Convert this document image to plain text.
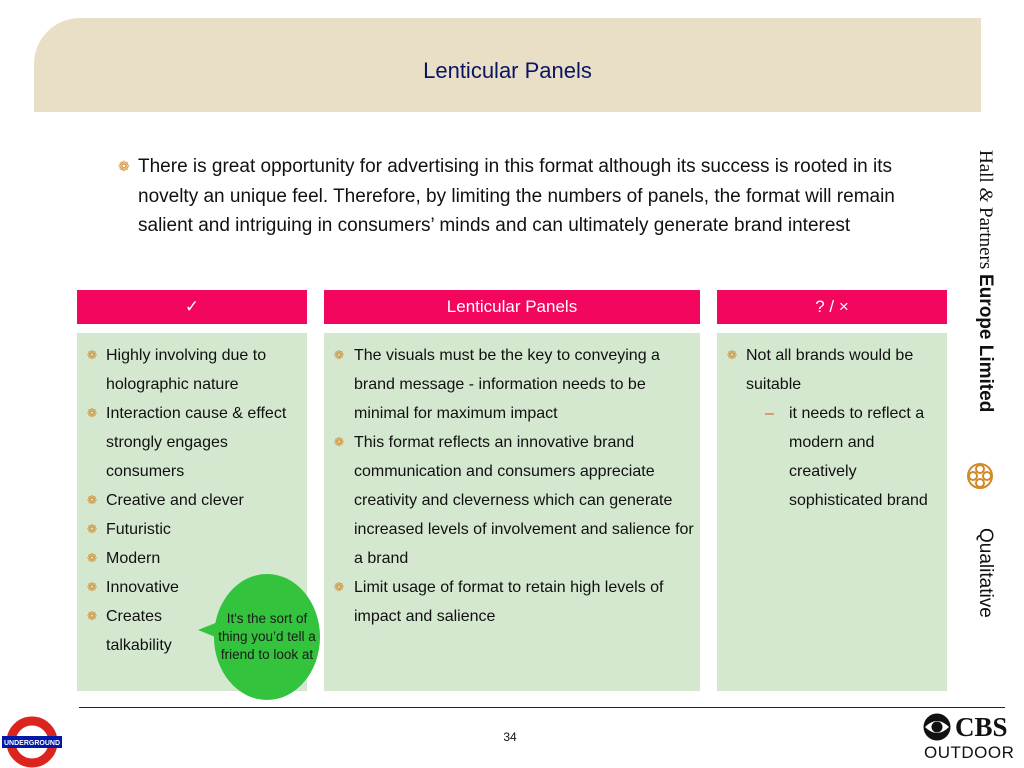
Lenticular Panels
❁ There is great opportunity for advertising in this format although its success is rooted in its novelty an unique feel. Therefore, by limiting the numbers of panels, the format will remain salient and intriguing in consumers’ minds and can ultimately generate brand interest
✓	Lenticular Panels	? / ×
❁ Highly involving due to holographic nature
❁ Interaction cause & effect strongly engages consumers
❁ Creative and clever
❁ Futuristic
❁ Modern
❁ Innovative
❁ Creates talkability
❁ The visuals must be the key to conveying a brand message - information needs to be minimal for maximum impact
❁ This format reflects an innovative brand communication and consumers appreciate creativity and cleverness which can generate increased levels of involvement and salience for a brand
❁ Limit usage of format to retain high levels of impact and salience
❁ Not all brands would be suitable
– it needs to reflect a modern and creatively sophisticated brand
It's the sort of thing you’d tell a friend to look at
Hall & Partners Europe Limited
Qualitative
34
UNDERGROUND
CBS
OUTDOOR
